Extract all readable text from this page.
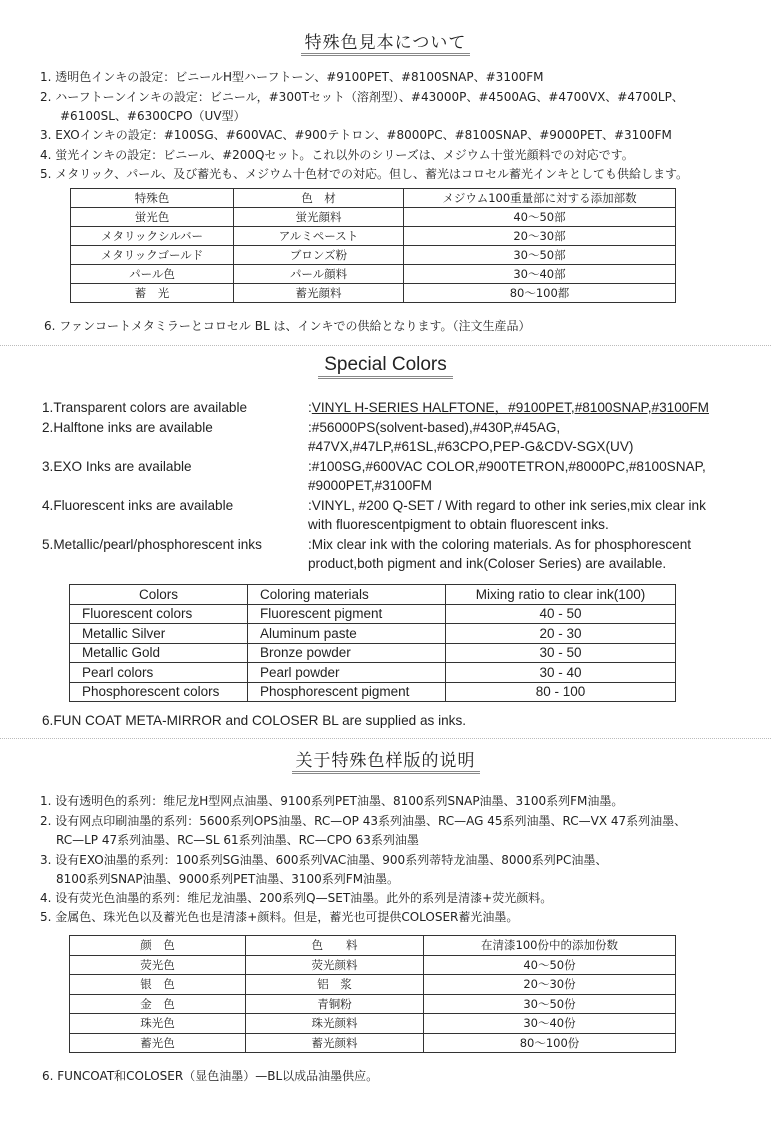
特殊色見本について
1. 透明色インキの設定：ビニールH型ハーフトーン、#9100PET、#8100SNAP、#3100FM
2. ハーフトーンインキの設定：ビニール，#300Tセット（溶剤型）、#43000P、#4500AG、#4700VX、#4700LP、
#6100SL、#6300CPO（UV型）
3. EXOインキの設定：#100SG、#600VAC、#900テトロン、#8000PC、#8100SNAP、#9000PET、#3100FM
4. 蛍光インキの設定：ビニール、#200Qセット。これ以外のシリーズは、メジウム十蛍光顔料での対応です。
5. メタリック、パール、及び蓄光も、メジウム十色材での対応。但し、蓄光はコロセル蓄光インキとしても供給します。
特殊色	色　材	メジウム100重量部に対する添加部数
蛍光色	蛍光顔料	40～50部
メタリックシルバー	アルミペースト	20～30部
メタリックゴールド	ブロンズ粉	30～50部
パール色	パール顔料	30～40部
蓄　光	蓄光顔料	80～100都
6. ファンコートメタミラーとコロセル BL は、インキでの供給となります。（注文生産品）
Special Colors
1.Transparent colors are available	:VINYL H-SERIES HALFTONE，#9100PET,#8100SNAP,#3100FM
2.Halftone inks are available	:#56000PS(solvent-based),#430P,#45AG,
#47VX,#47LP,#61SL,#63CPO,PEP-G&CDV-SGX(UV)
3.EXO Inks are available	:#100SG,#600VAC COLOR,#900TETRON,#8000PC,#8100SNAP,
#9000PET,#3100FM
4.Fluorescent inks are available	:VINYL, #200 Q-SET / With regard to other ink series,mix clear ink
with fluorescentpigment to obtain fluorescent inks.
5.Metallic/pearl/phosphorescent inks	:Mix clear ink with the coloring materials. As for phosphorescent
product,both pigment and ink(Coloser Series) are available.
Colors	Coloring materials	Mixing ratio to clear ink(100)
Fluorescent colors	Fluorescent pigment	40 - 50
Metallic Silver	Aluminum paste	20 - 30
Metallic Gold	Bronze powder	30 - 50
Pearl colors	Pearl powder	30 - 40
Phosphorescent colors	Phosphorescent pigment	80 - 100
6.FUN COAT META-MIRROR and COLOSER BL are supplied as inks.
关于特殊色样版的说明
1. 设有透明色的系列：维尼龙H型网点油墨、9100系列PET油墨、8100系列SNAP油墨、3100系列FM油墨。
2. 设有网点印刷油墨的系列：5600系列OPS油墨、RC—OP 43系列油墨、RC—AG 45系列油墨、RC—VX 47系列油墨、
RC—LP 47系列油墨、RC—SL 61系列油墨、RC—CPO 63系列油墨
3. 设有EXO油墨的系列：100系列SG油墨、600系列VAC油墨、900系列蒂特龙油墨、8000系列PC油墨、
8100系列SNAP油墨、9000系列PET油墨、3100系列FM油墨。
4. 设有荧光色油墨的系列：维尼龙油墨、200系列Q—SET油墨。此外的系列是清漆+荧光颜料。
5. 金属色、珠光色以及蓄光色也是清漆+颜料。但是，蓄光也可提供COLOSER蓄光油墨。
颜　色	色　　料	在清漆100份中的添加份数
荧光色	荧光颜料	40～50份
银　色	铝　浆	20～30份
金　色	青铜粉	30～50份
珠光色	珠光颜料	30～40份
蓄光色	蓄光颜料	80～100份
6. FUNCOAT和COLOSER（显色油墨）—BL以成品油墨供应。
